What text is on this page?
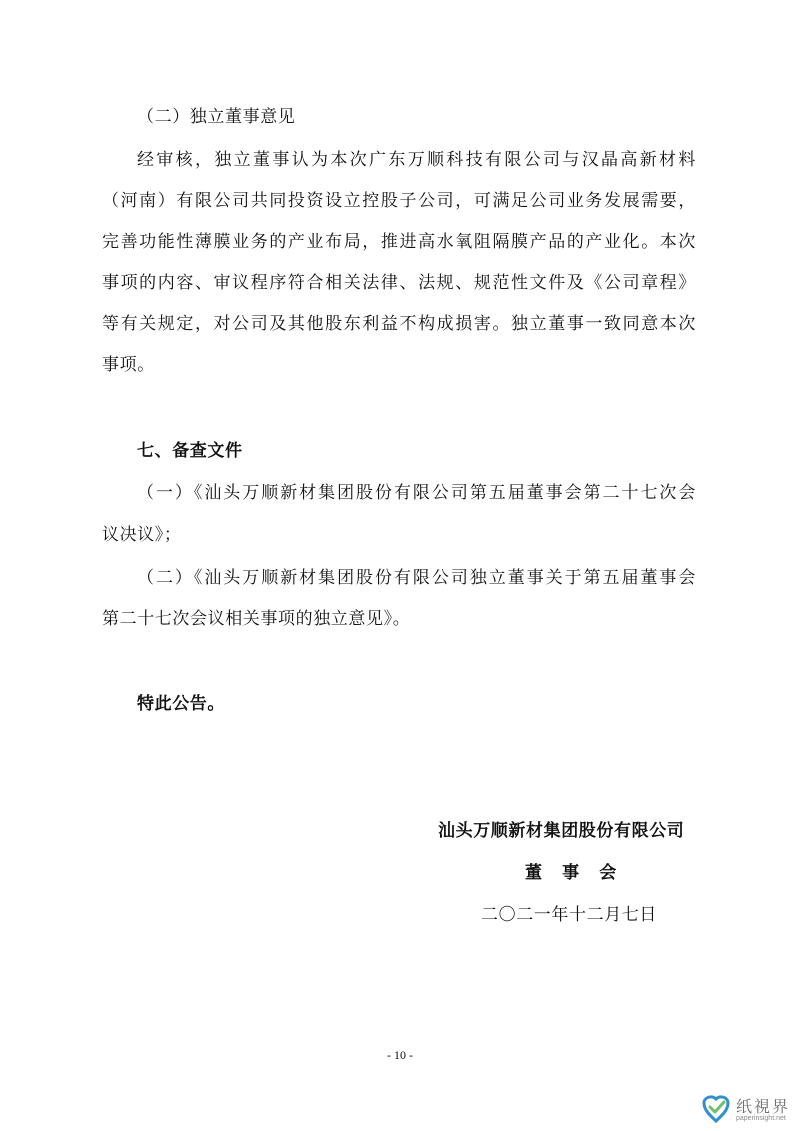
（二）独立董事意见
经审核，独立董事认为本次广东万顺科技有限公司与汉晶高新材料
（河南）有限公司共同投资设立控股子公司，可满足公司业务发展需要，
完善功能性薄膜业务的产业布局，推进高水氧阻隔膜产品的产业化。本次
事项的内容、审议程序符合相关法律、法规、规范性文件及《公司章程》
等有关规定，对公司及其他股东利益不构成损害。独立董事一致同意本次
事项。
七、备查文件
（一）《汕头万顺新材集团股份有限公司第五届董事会第二十七次会
议决议》；
（二）《汕头万顺新材集团股份有限公司独立董事关于第五届董事会
第二十七次会议相关事项的独立意见》。
特此公告。
汕头万顺新材集团股份有限公司
董   事   会
二〇二一年十二月七日
- 10 -
纸視界
paperinsight.net
